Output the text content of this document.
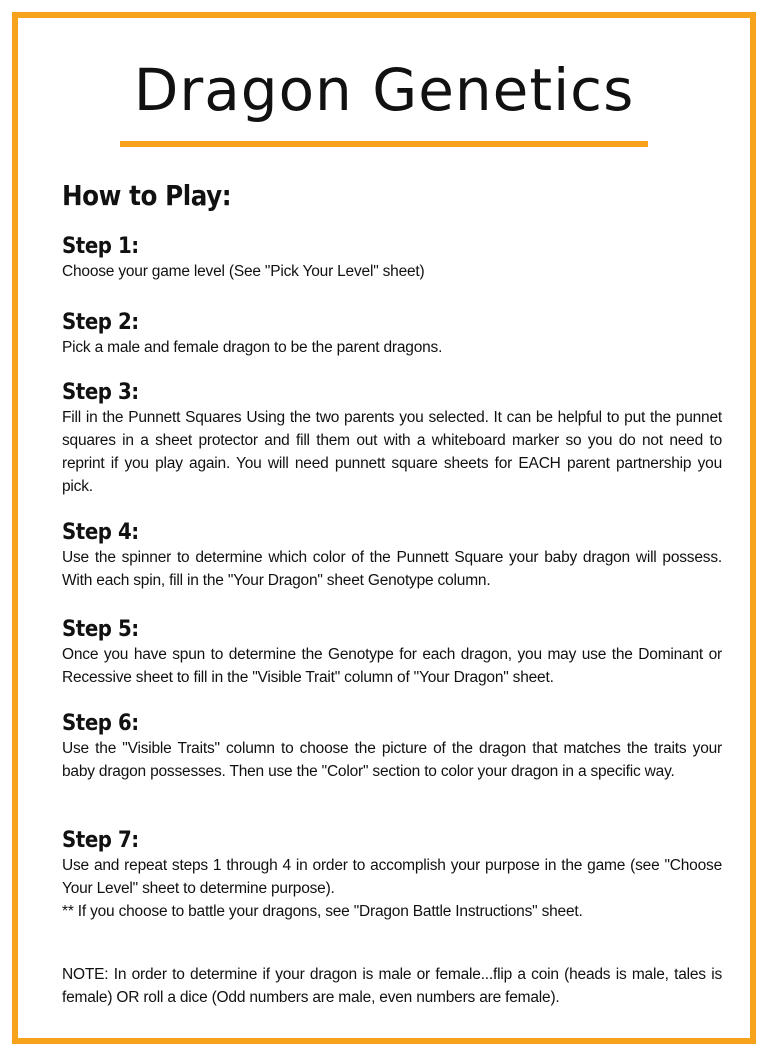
Dragon Genetics
How to Play:
Step 1:

Choose your game level (See "Pick Your Level" sheet)

Step 2:

Pick a male and female dragon to be the parent dragons.

Step 3:

Fill in the Punnett Squares Using the two parents you selected. It can be helpful to put the punnet squares in a sheet protector and fill them out with a whiteboard marker so you do not need to reprint if you play again. You will need punnett square sheets for EACH parent partnership you pick.

Step 4:

Use the spinner to determine which color of the Punnett Square your baby dragon will possess. With each spin, fill in the "Your Dragon" sheet Genotype column.

Step 5:

Once you have spun to determine the Genotype for each dragon, you may use the Dominant or Recessive sheet to fill in the "Visible Trait" column of "Your Dragon" sheet.

Step 6:

Use the "Visible Traits" column to choose the picture of the dragon that matches the traits your baby dragon possesses. Then use the "Color" section to color your dragon in a specific way.

Step 7:

Use and repeat steps 1 through 4 in order to accomplish your purpose in the game (see "Choose Your Level" sheet to determine purpose).

** If you choose to battle your dragons, see "Dragon Battle Instructions" sheet.

NOTE: In order to determine if your dragon is male or female...flip a coin (heads is male, tales is female) OR roll a dice (Odd numbers are male, even numbers are female).
